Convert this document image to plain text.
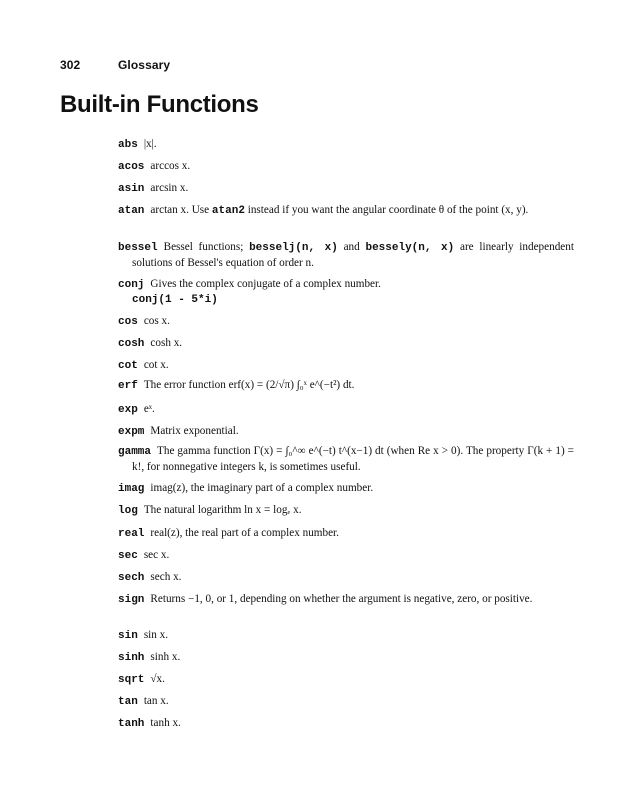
302	Glossary
Built-in Functions
abs |x|.
acos arccos x.
asin arcsin x.
atan arctan x. Use atan2 instead if you want the angular coordinate θ of the point (x, y).
bessel Bessel functions; besselj(n, x) and bessely(n, x) are linearly independent solutions of Bessel's equation of order n.
conj Gives the complex conjugate of a complex number.
conj(1 - 5*i)
cos cos x.
cosh cosh x.
cot cot x.
erf The error function erf(x) = (2/√π) ∫₀ˣ e^(−t²) dt.
exp eˣ.
expm Matrix exponential.
gamma The gamma function Γ(x) = ∫₀^∞ e^(−t) t^(x−1) dt (when Re x > 0). The property Γ(k + 1) = k!, for nonnegative integers k, is sometimes useful.
imag imag(z), the imaginary part of a complex number.
log The natural logarithm ln x = logₑ x.
real real(z), the real part of a complex number.
sec sec x.
sech sech x.
sign Returns −1, 0, or 1, depending on whether the argument is negative, zero, or positive.
sin sin x.
sinh sinh x.
sqrt √x.
tan tan x.
tanh tanh x.
